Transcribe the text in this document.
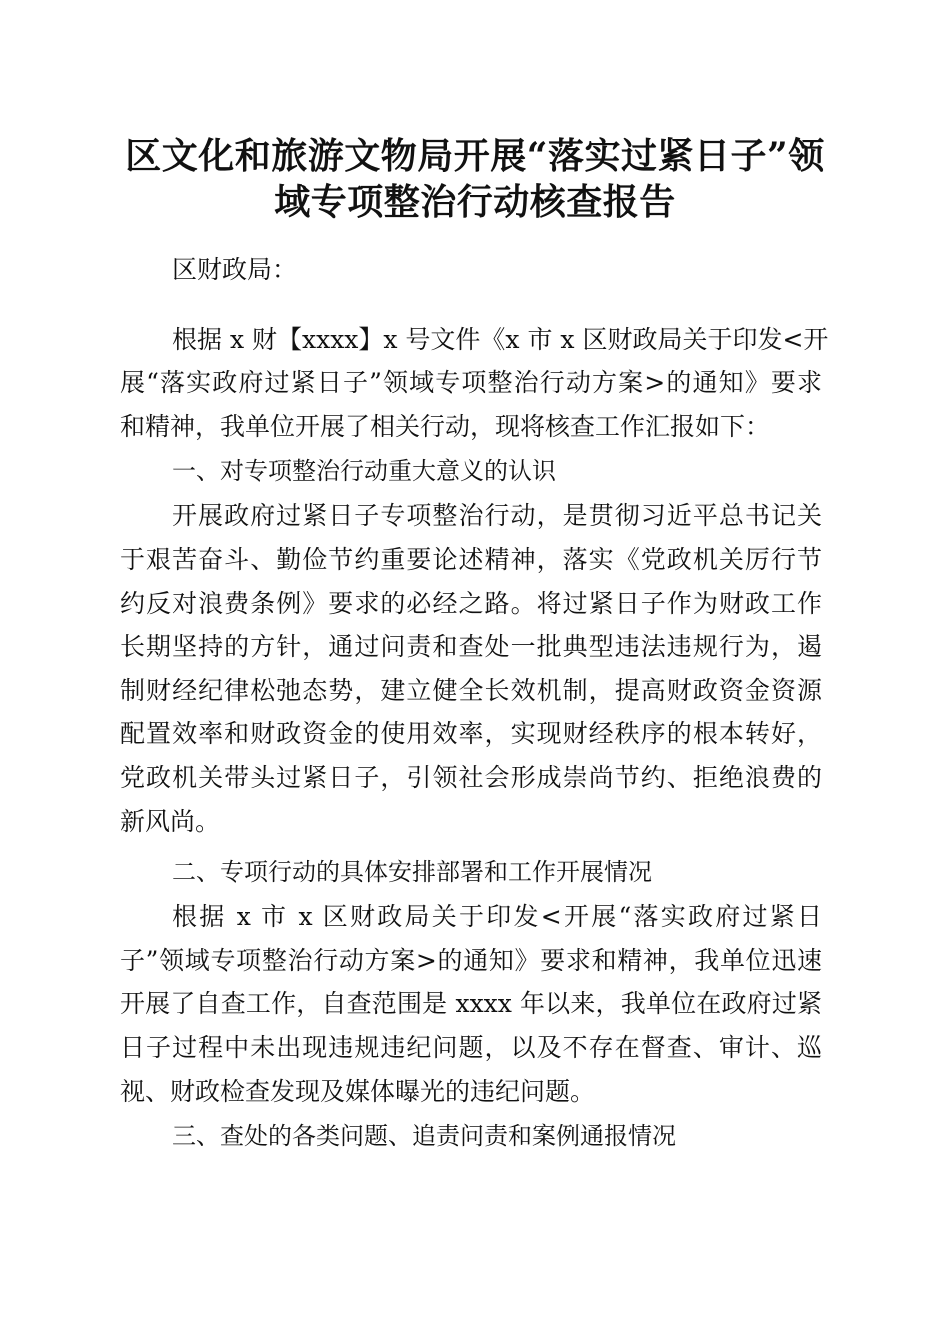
区文化和旅游文物局开展“落实过紧日子”领
域专项整治行动核查报告
区财政局：
根据 x 财【xxxx】x 号文件《x 市 x 区财政局关于印发<开
展“落实政府过紧日子”领域专项整治行动方案>的通知》要求
和精神，我单位开展了相关行动，现将核查工作汇报如下：
一、对专项整治行动重大意义的认识
开展政府过紧日子专项整治行动，是贯彻习近平总书记关
于艰苦奋斗、勤俭节约重要论述精神，落实《党政机关厉行节
约反对浪费条例》要求的必经之路。将过紧日子作为财政工作
长期坚持的方针，通过问责和查处一批典型违法违规行为，遏
制财经纪律松弛态势，建立健全长效机制，提高财政资金资源
配置效率和财政资金的使用效率，实现财经秩序的根本转好，
党政机关带头过紧日子，引领社会形成崇尚节约、拒绝浪费的
新风尚。
二、专项行动的具体安排部署和工作开展情况
根据 x 市 x 区财政局关于印发<开展“落实政府过紧日
子”领域专项整治行动方案>的通知》要求和精神，我单位迅速
开展了自查工作，自查范围是 xxxx 年以来，我单位在政府过紧
日子过程中未出现违规违纪问题，以及不存在督查、审计、巡
视、财政检查发现及媒体曝光的违纪问题。
三、查处的各类问题、追责问责和案例通报情况
